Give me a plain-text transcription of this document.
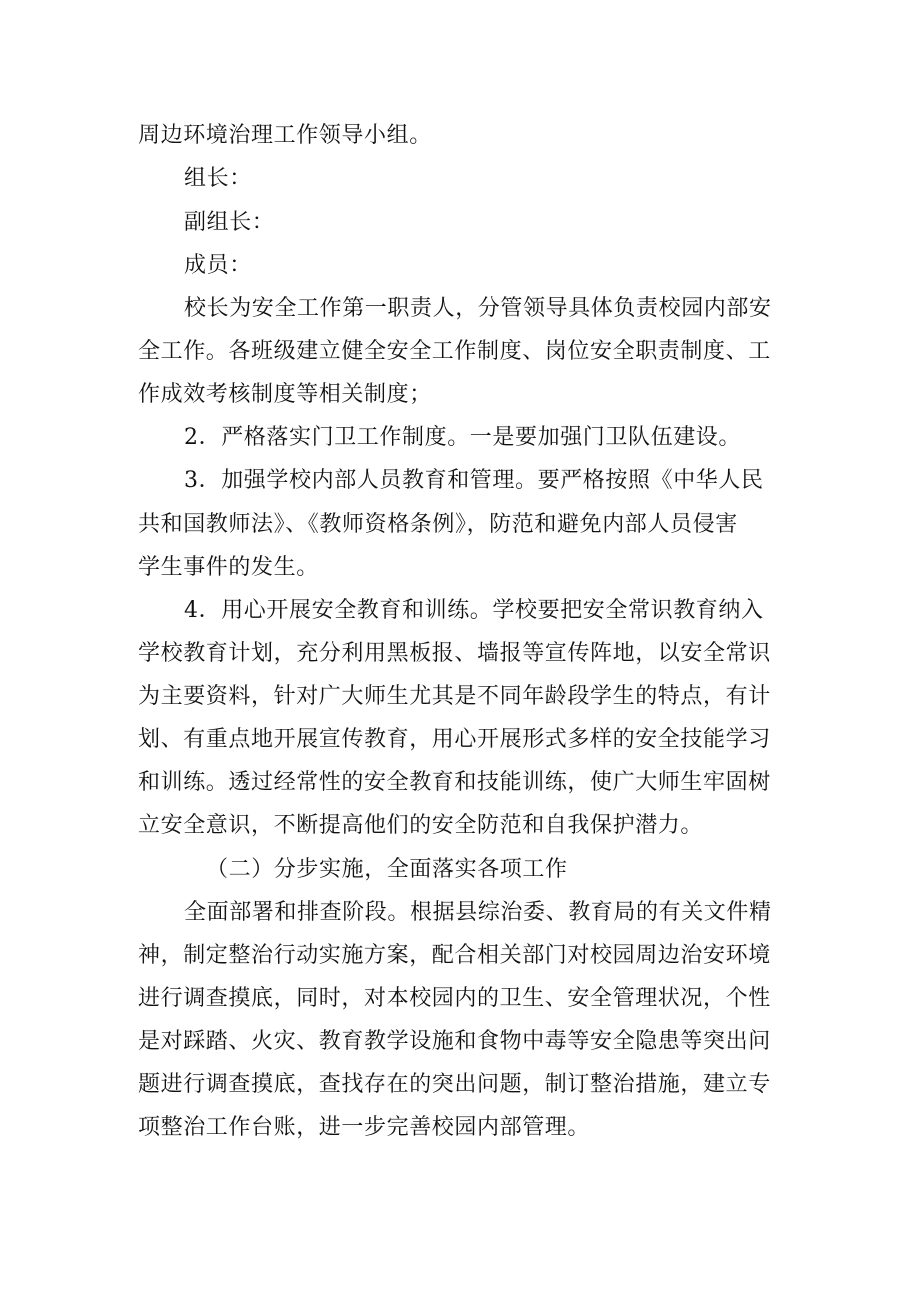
周边环境治理工作领导小组。
组长：
副组长：
成员：
校长为安全工作第一职责人，分管领导具体负责校园内部安
全工作。各班级建立健全安全工作制度、岗位安全职责制度、工
作成效考核制度等相关制度；
2．严格落实门卫工作制度。一是要加强门卫队伍建设。
3．加强学校内部人员教育和管理。要严格按照《中华人民
共和国教师法》、《教师资格条例》，防范和避免内部人员侵害
学生事件的发生。
4．用心开展安全教育和训练。学校要把安全常识教育纳入
学校教育计划，充分利用黑板报、墙报等宣传阵地，以安全常识
为主要资料，针对广大师生尤其是不同年龄段学生的特点，有计
划、有重点地开展宣传教育，用心开展形式多样的安全技能学习
和训练。透过经常性的安全教育和技能训练，使广大师生牢固树
立安全意识，不断提高他们的安全防范和自我保护潜力。
（二）分步实施，全面落实各项工作
全面部署和排查阶段。根据县综治委、教育局的有关文件精
神，制定整治行动实施方案，配合相关部门对校园周边治安环境
进行调查摸底，同时，对本校园内的卫生、安全管理状况，个性
是对踩踏、火灾、教育教学设施和食物中毒等安全隐患等突出问
题进行调查摸底，查找存在的突出问题，制订整治措施，建立专
项整治工作台账，进一步完善校园内部管理。
